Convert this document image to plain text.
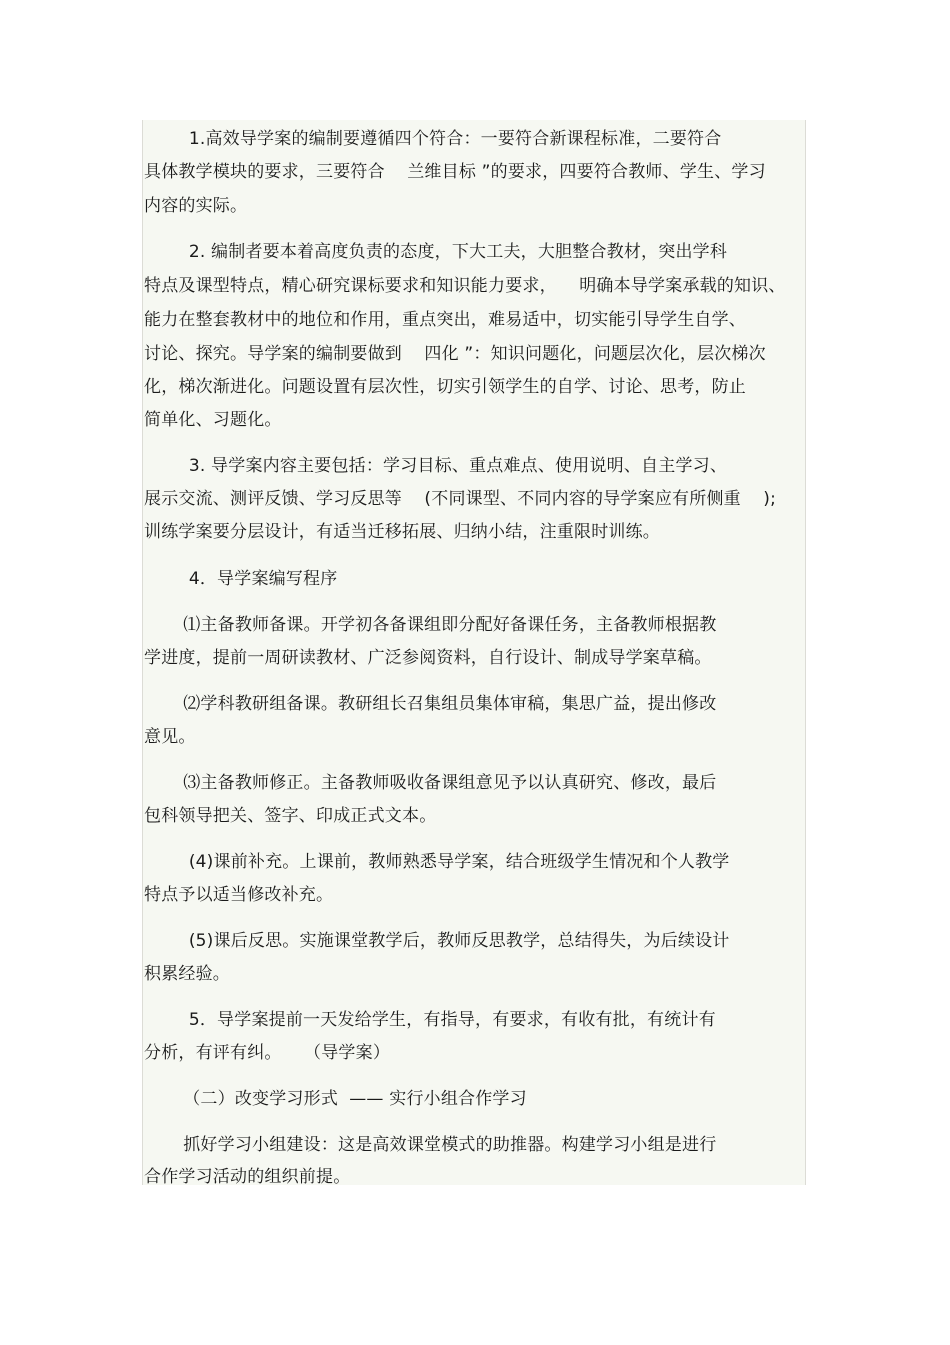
1.高效导学案的编制要遵循四个符合：一要符合新课程标准，二要符合
具体教学模块的要求，三要符合    兰维目标 ”的要求，四要符合教师、学生、学习
内容的实际。
2. 编制者要本着高度负责的态度，下大工夫，大胆整合教材，突出学科
特点及课型特点，精心研究课标要求和知识能力要求，    明确本导学案承载的知识、
能力在整套教材中的地位和作用，重点突出，难易适中，切实能引导学生自学、
讨论、探究。导学案的编制要做到    四化 ”：知识问题化，问题层次化，层次梯次
化，梯次渐进化。问题设置有层次性，切实引领学生的自学、讨论、思考，防止
简单化、习题化。
3. 导学案内容主要包括：学习目标、重点难点、使用说明、自主学习、
展示交流、测评反馈、学习反思等    (不同课型、不同内容的导学案应有所侧重    );
训练学案要分层设计，有适当迁移拓展、归纳小结，注重限时训练。
4．导学案编写程序
⑴主备教师备课。开学初各备课组即分配好备课任务，主备教师根据教
学进度，提前一周研读教材、广泛参阅资料，自行设计、制成导学案草稿。
⑵学科教研组备课。教研组长召集组员集体审稿，集思广益，提出修改
意见。
⑶主备教师修正。主备教师吸收备课组意见予以认真研究、修改，最后
包科领导把关、签字、印成正式文本。
(4)课前补充。上课前，教师熟悉导学案，结合班级学生情况和个人教学
特点予以适当修改补充。
(5)课后反思。实施课堂教学后，教师反思教学，总结得失，为后续设计
积累经验。
5．导学案提前一天发给学生，有指导，有要求，有收有批，有统计有
分析，有评有纠。    （导学案）
（二）改变学习形式  —— 实行小组合作学习
抓好学习小组建设：这是高效课堂模式的助推器。构建学习小组是进行
合作学习活动的组织前提。
